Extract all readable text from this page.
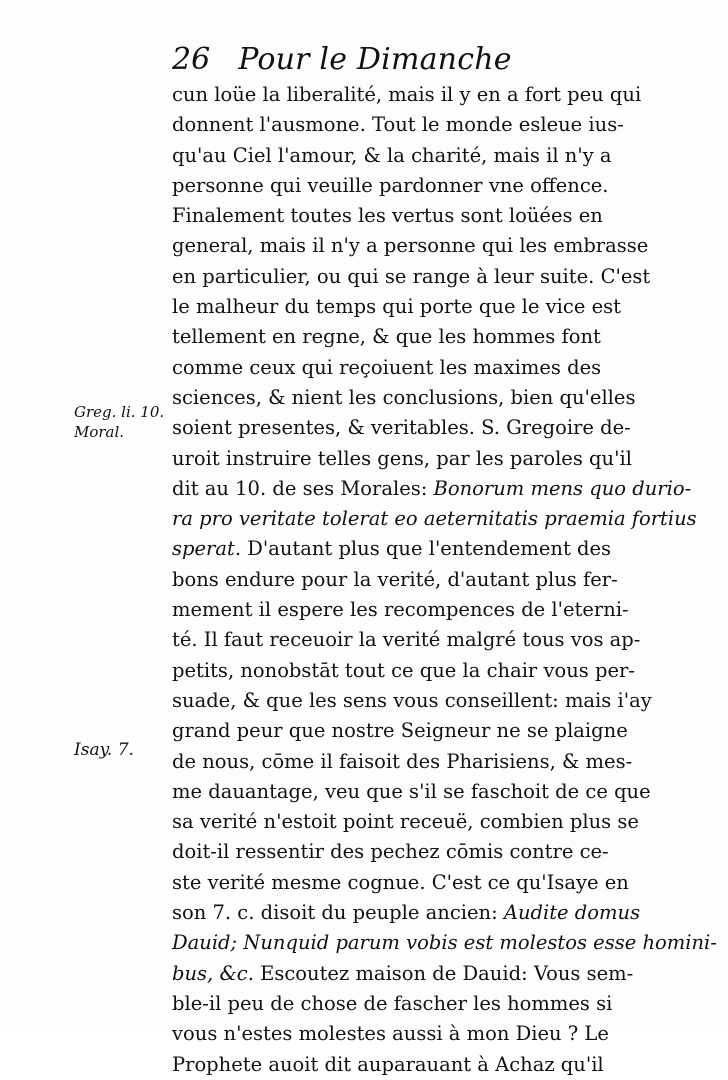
26 Pour le Dimanche
Greg. li. 10.
Moral.
Isay. 7.
cun loüe la liberalité, mais il y en a fort peu qui
donnent l'ausmone. Tout le monde esleue ius-
qu'au Ciel l'amour, & la charité, mais il n'y a
personne qui veuille pardonner vne offence.
Finalement toutes les vertus sont loüées en
general, mais il n'y a personne qui les embrasse
en particulier, ou qui se range à leur suite. C'est
le malheur du temps qui porte que le vice est
tellement en regne, & que les hommes font
comme ceux qui reçoiuent les maximes des
sciences, & nient les conclusions, bien qu'elles
soient presentes, & veritables. S. Gregoire de-
uroit instruire telles gens, par les paroles qu'il
dit au 10. de ses Morales: Bonorum mens quo durio-
ra pro veritate tolerat eo aeternitatis praemia fortius
sperat. D'autant plus que l'entendement des
bons endure pour la verité, d'autant plus fer-
mement il espere les recompences de l'eterni-
té. Il faut receuoir la verité malgré tous vos ap-
petits, nonobstāt tout ce que la chair vous per-
suade, & que les sens vous conseillent: mais i'ay
grand peur que nostre Seigneur ne se plaigne
de nous, cōme il faisoit des Pharisiens, & mes-
me dauantage, veu que s'il se faschoit de ce que
sa verité n'estoit point receuë, combien plus se
doit-il ressentir des pechez cōmis contre ce-
ste verité mesme cognue. C'est ce qu'Isaye en
son 7. c. disoit du peuple ancien: Audite domus
Dauid; Nunquid parum vobis est molestos esse homini-
bus, &c. Escoutez maison de Dauid: Vous sem-
ble-il peu de chose de fascher les hommes si
vous n'estes molestes aussi à mon Dieu ? Le
Prophete auoit dit auparauant à Achaz qu'il
